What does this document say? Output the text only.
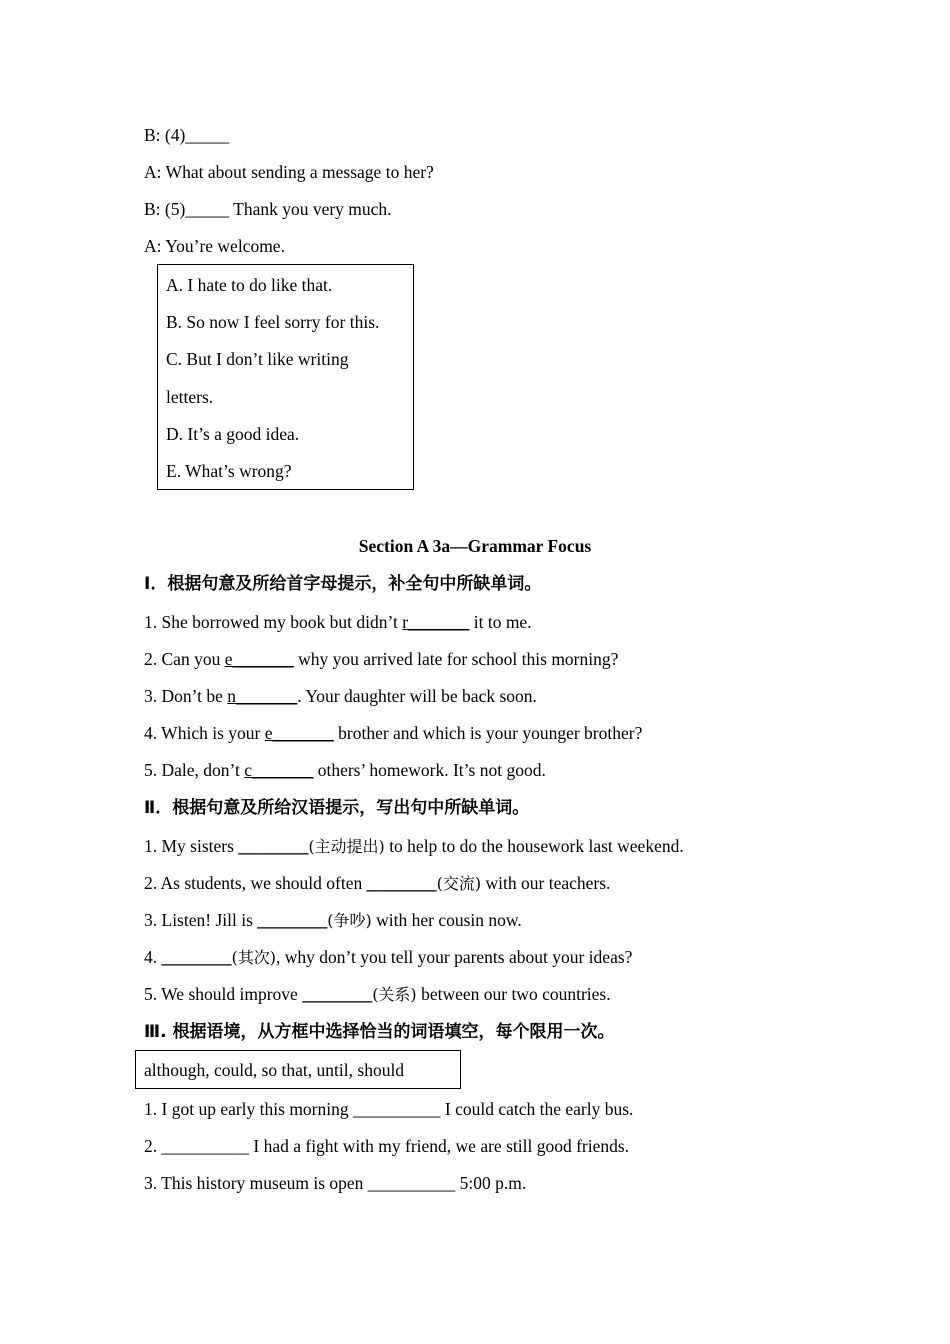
B: (4)_____
A: What about sending a message to her?
B: (5)_____ Thank you very much.
A: You’re welcome.
A. I hate to do like that.
B. So now I feel sorry for this.
C. But I don’t like writing
letters.
D. It’s a good idea.
E. What’s wrong?
Section A 3a—Grammar Focus
Ⅰ．根据句意及所给首字母提示，补全句中所缺单词。
1. She borrowed my book but didn’t r_______ it to me.
2. Can you e_______ why you arrived late for school this morning?
3. Don’t be n_______. Your daughter will be back soon.
4. Which is your e_______ brother and which is your younger brother?
5. Dale, don’t c_______ others’ homework. It’s not good.
Ⅱ．根据句意及所给汉语提示，写出句中所缺单词。
1. My sisters ________(主动提出) to help to do the housework last weekend.
2. As students, we should often ________(交流) with our teachers.
3. Listen! Jill is ________(争吵) with her cousin now.
4. ________(其次), why don’t you tell your parents about your ideas?
5. We should improve ________(关系) between our two countries.
Ⅲ. 根据语境，从方框中选择恰当的词语填空，每个限用一次。
although, could, so that, until, should
1. I got up early this morning __________ I could catch the early bus.
2. __________ I had a fight with my friend, we are still good friends.
3. This history museum is open __________ 5:00 p.m.
